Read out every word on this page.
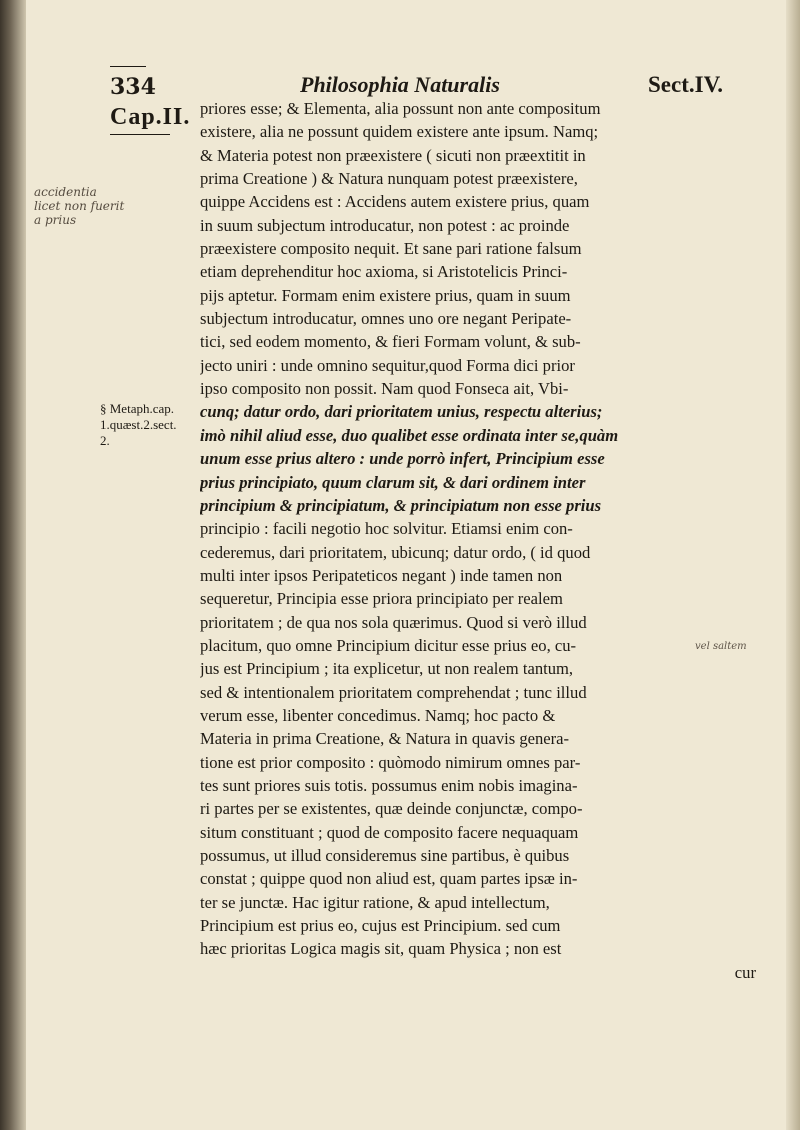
334	Philosophia Naturalis	Sect.IV.
Cap.II.
accidentia
licet non fuerit
a prius
§ Metaph.cap.
1.quæst.2.sect.
2.
vel saltem
priores esse; & Elementa, alia possunt non ante compositum
existere, alia ne possunt quidem existere ante ipsum. Namq;
& Materia potest non præexistere ( sicuti non præextitit in
prima Creatione ) & Natura nunquam potest præexistere,
quippe Accidens est : Accidens autem existere prius, quam
in suum subjectum introducatur, non potest : ac proinde
præexistere composito nequit. Et sane pari ratione falsum
etiam deprehenditur hoc axioma, si Aristotelicis Princi-
pijs aptetur. Formam enim existere prius, quam in suum
subjectum introducatur, omnes uno ore negant Peripate-
tici, sed eodem momento, & fieri Formam volunt, & sub-
jecto uniri : unde omnino sequitur,quod Forma dici prior
ipso composito non possit. Nam quod Fonseca ait, Vbi-
cunq; datur ordo, dari prioritatem unius, respectu alterius;
imò nihil aliud esse, duo qualibet esse ordinata inter se,quàm
unum esse prius altero : unde porrò infert, Principium esse
prius principiato, quum clarum sit, & dari ordinem inter
principium & principiatum, & principiatum non esse prius
principio : facili negotio hoc solvitur. Etiamsi enim con-
cederemus, dari prioritatem, ubicunq; datur ordo, ( id quod
multi inter ipsos Peripateticos negant ) inde tamen non
sequeretur, Principia esse priora principiato per realem
prioritatem ; de qua nos sola quærimus. Quod si verò illud
placitum, quo omne Principium dicitur esse prius eo, cu-
jus est Principium ; ita explicetur, ut non realem tantum,
sed & intentionalem prioritatem comprehendat ; tunc illud
verum esse, libenter concedimus. Namq; hoc pacto &
Materia in prima Creatione, & Natura in quavis genera-
tione est prior composito : quòmodo nimirum omnes par-
tes sunt priores suis totis. possumus enim nobis imagina-
ri partes per se existentes, quæ deinde conjunctæ, compo-
situm constituant ; quod de composito facere nequaquam
possumus, ut illud consideremus sine partibus, è quibus
constat ; quippe quod non aliud est, quam partes ipsæ in-
ter se junctæ. Hac igitur ratione, & apud intellectum,
Principium est prius eo, cujus est Principium. sed cum
hæc prioritas Logica magis sit, quam Physica ; non est
cur
